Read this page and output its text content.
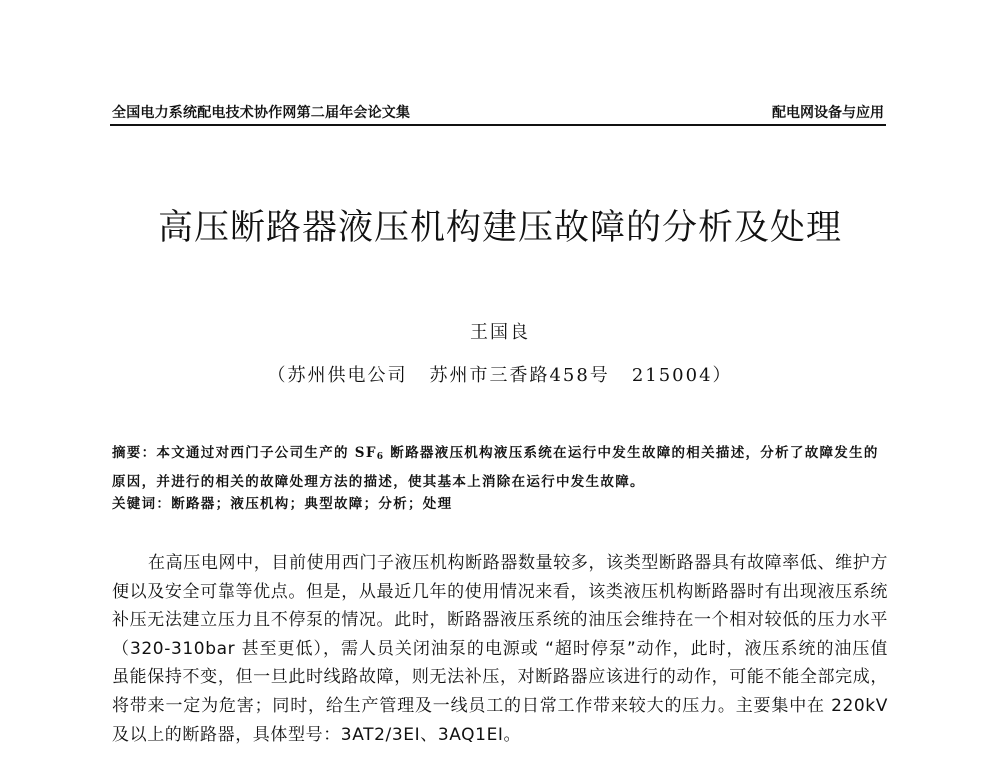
全国电力系统配电技术协作网第二届年会论文集	配电网设备与应用
高压断路器液压机构建压故障的分析及处理
王国良
（苏州供电公司 苏州市三香路458号 215004）
摘要：本文通过对西门子公司生产的 $SF_6$ 断路器液压机构液压系统在运行中发生故障的相关描述，分析了故障发生的原因，并进行的相关的故障处理方法的描述，使其基本上消除在运行中发生故障。
关键词：断路器；液压机构；典型故障；分析；处理
在高压电网中，目前使用西门子液压机构断路器数量较多，该类型断路器具有故障率低、维护方便以及安全可靠等优点。但是，从最近几年的使用情况来看，该类液压机构断路器时有出现液压系统补压无法建立压力且不停泵的情况。此时，断路器液压系统的油压会维持在一个相对较低的压力水平（320-310bar 甚至更低），需人员关闭油泵的电源或 “超时停泵”动作，此时，液压系统的油压值虽能保持不变，但一旦此时线路故障，则无法补压，对断路器应该进行的动作，可能不能全部完成，将带来一定为危害；同时，给生产管理及一线员工的日常工作带来较大的压力。主要集中在 220kV 及以上的断路器，具体型号：3AT2/3EI、3AQ1EI。
